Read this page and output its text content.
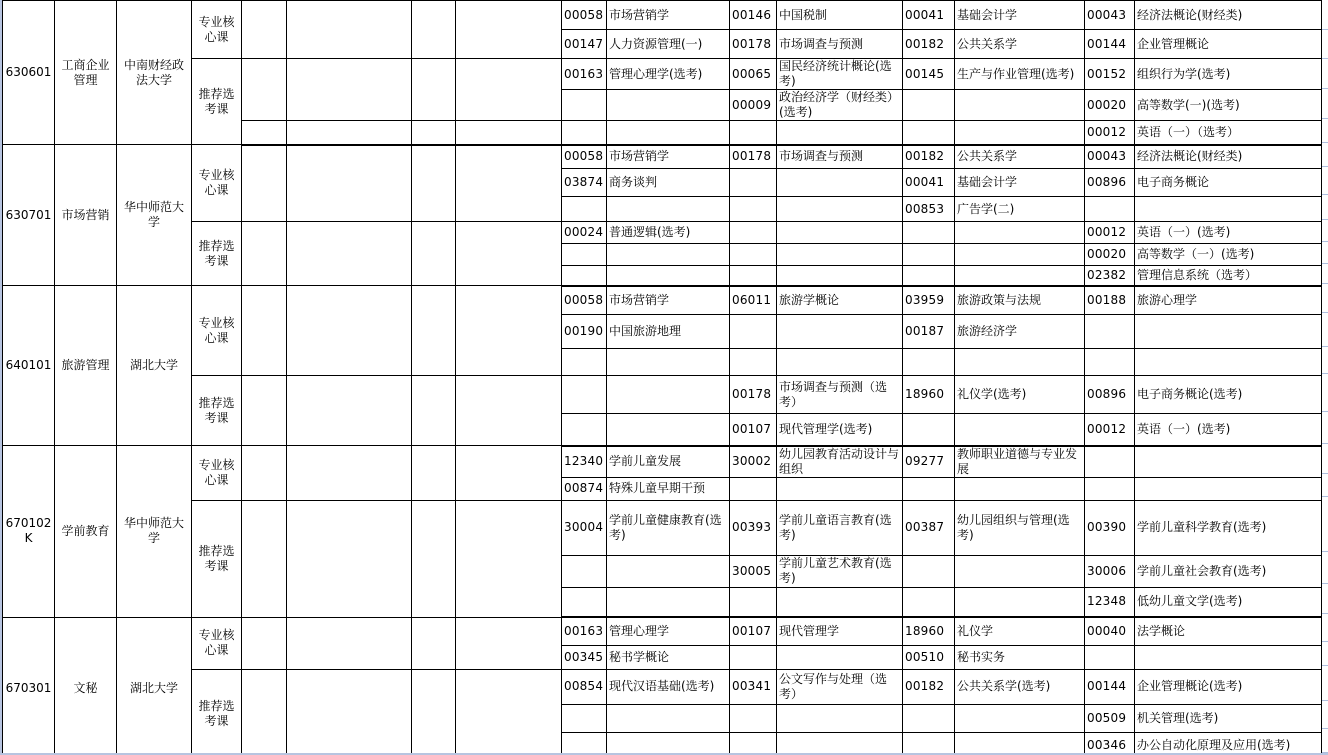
630601	工商企业管理	中南财经政法大学	专业核心课					00058	市场营销学	00146	中国税制	00041	基础会计学	00043	经济法概论(财经类)
								00147	人力资源管理(一)	00178	市场调查与预测	00182	公共关系学	00144	企业管理概论
			推荐选考课					00163	管理心理学(选考)	00065	国民经济统计概论(选考)	00145	生产与作业管理(选考)	00152	组织行为学(选考)
										00009	政治经济学（财经类）(选考)			00020	高等数学(一)(选考)
														00012	英语（一）（选考）
630701	市场营销	华中师范大学	专业核心课					00058	市场营销学	00178	市场调查与预测	00182	公共关系学	00043	经济法概论(财经类)
								03874	商务谈判			00041	基础会计学	00896	电子商务概论
												00853	广告学(二)		
			推荐选考课					00024	普通逻辑(选考)					00012	英语（一）(选考)
														00020	高等数学（一）(选考)
														02382	管理信息系统（选考）
640101	旅游管理	湖北大学	专业核心课					00058	市场营销学	06011	旅游学概论	03959	旅游政策与法规	00188	旅游心理学
								00190	中国旅游地理			00187	旅游经济学		

			推荐选考课							00178	市场调查与预测（选考）	18960	礼仪学(选考)	00896	电子商务概论(选考)
										00107	现代管理学(选考)			00012	英语（一）(选考)
670102K	学前教育	华中师范大学	专业核心课					12340	学前儿童发展	30002	幼儿园教育活动设计与组织	09277	教师职业道德与专业发展		
								00874	特殊儿童早期干预						
			推荐选考课					30004	学前儿童健康教育(选考)	00393	学前儿童语言教育(选考)	00387	幼儿园组织与管理(选考)	00390	学前儿童科学教育(选考)
										30005	学前儿童艺术教育(选考)			30006	学前儿童社会教育(选考)
														12348	低幼儿童文学(选考)
670301	文秘	湖北大学	专业核心课					00163	管理心理学	00107	现代管理学	18960	礼仪学	00040	法学概论
								00345	秘书学概论			00510	秘书实务		
			推荐选考课					00854	现代汉语基础(选考)	00341	公文写作与处理（选考）	00182	公共关系学(选考)	00144	企业管理概论(选考)
														00509	机关管理(选考)
														00346	办公自动化原理及应用(选考)
